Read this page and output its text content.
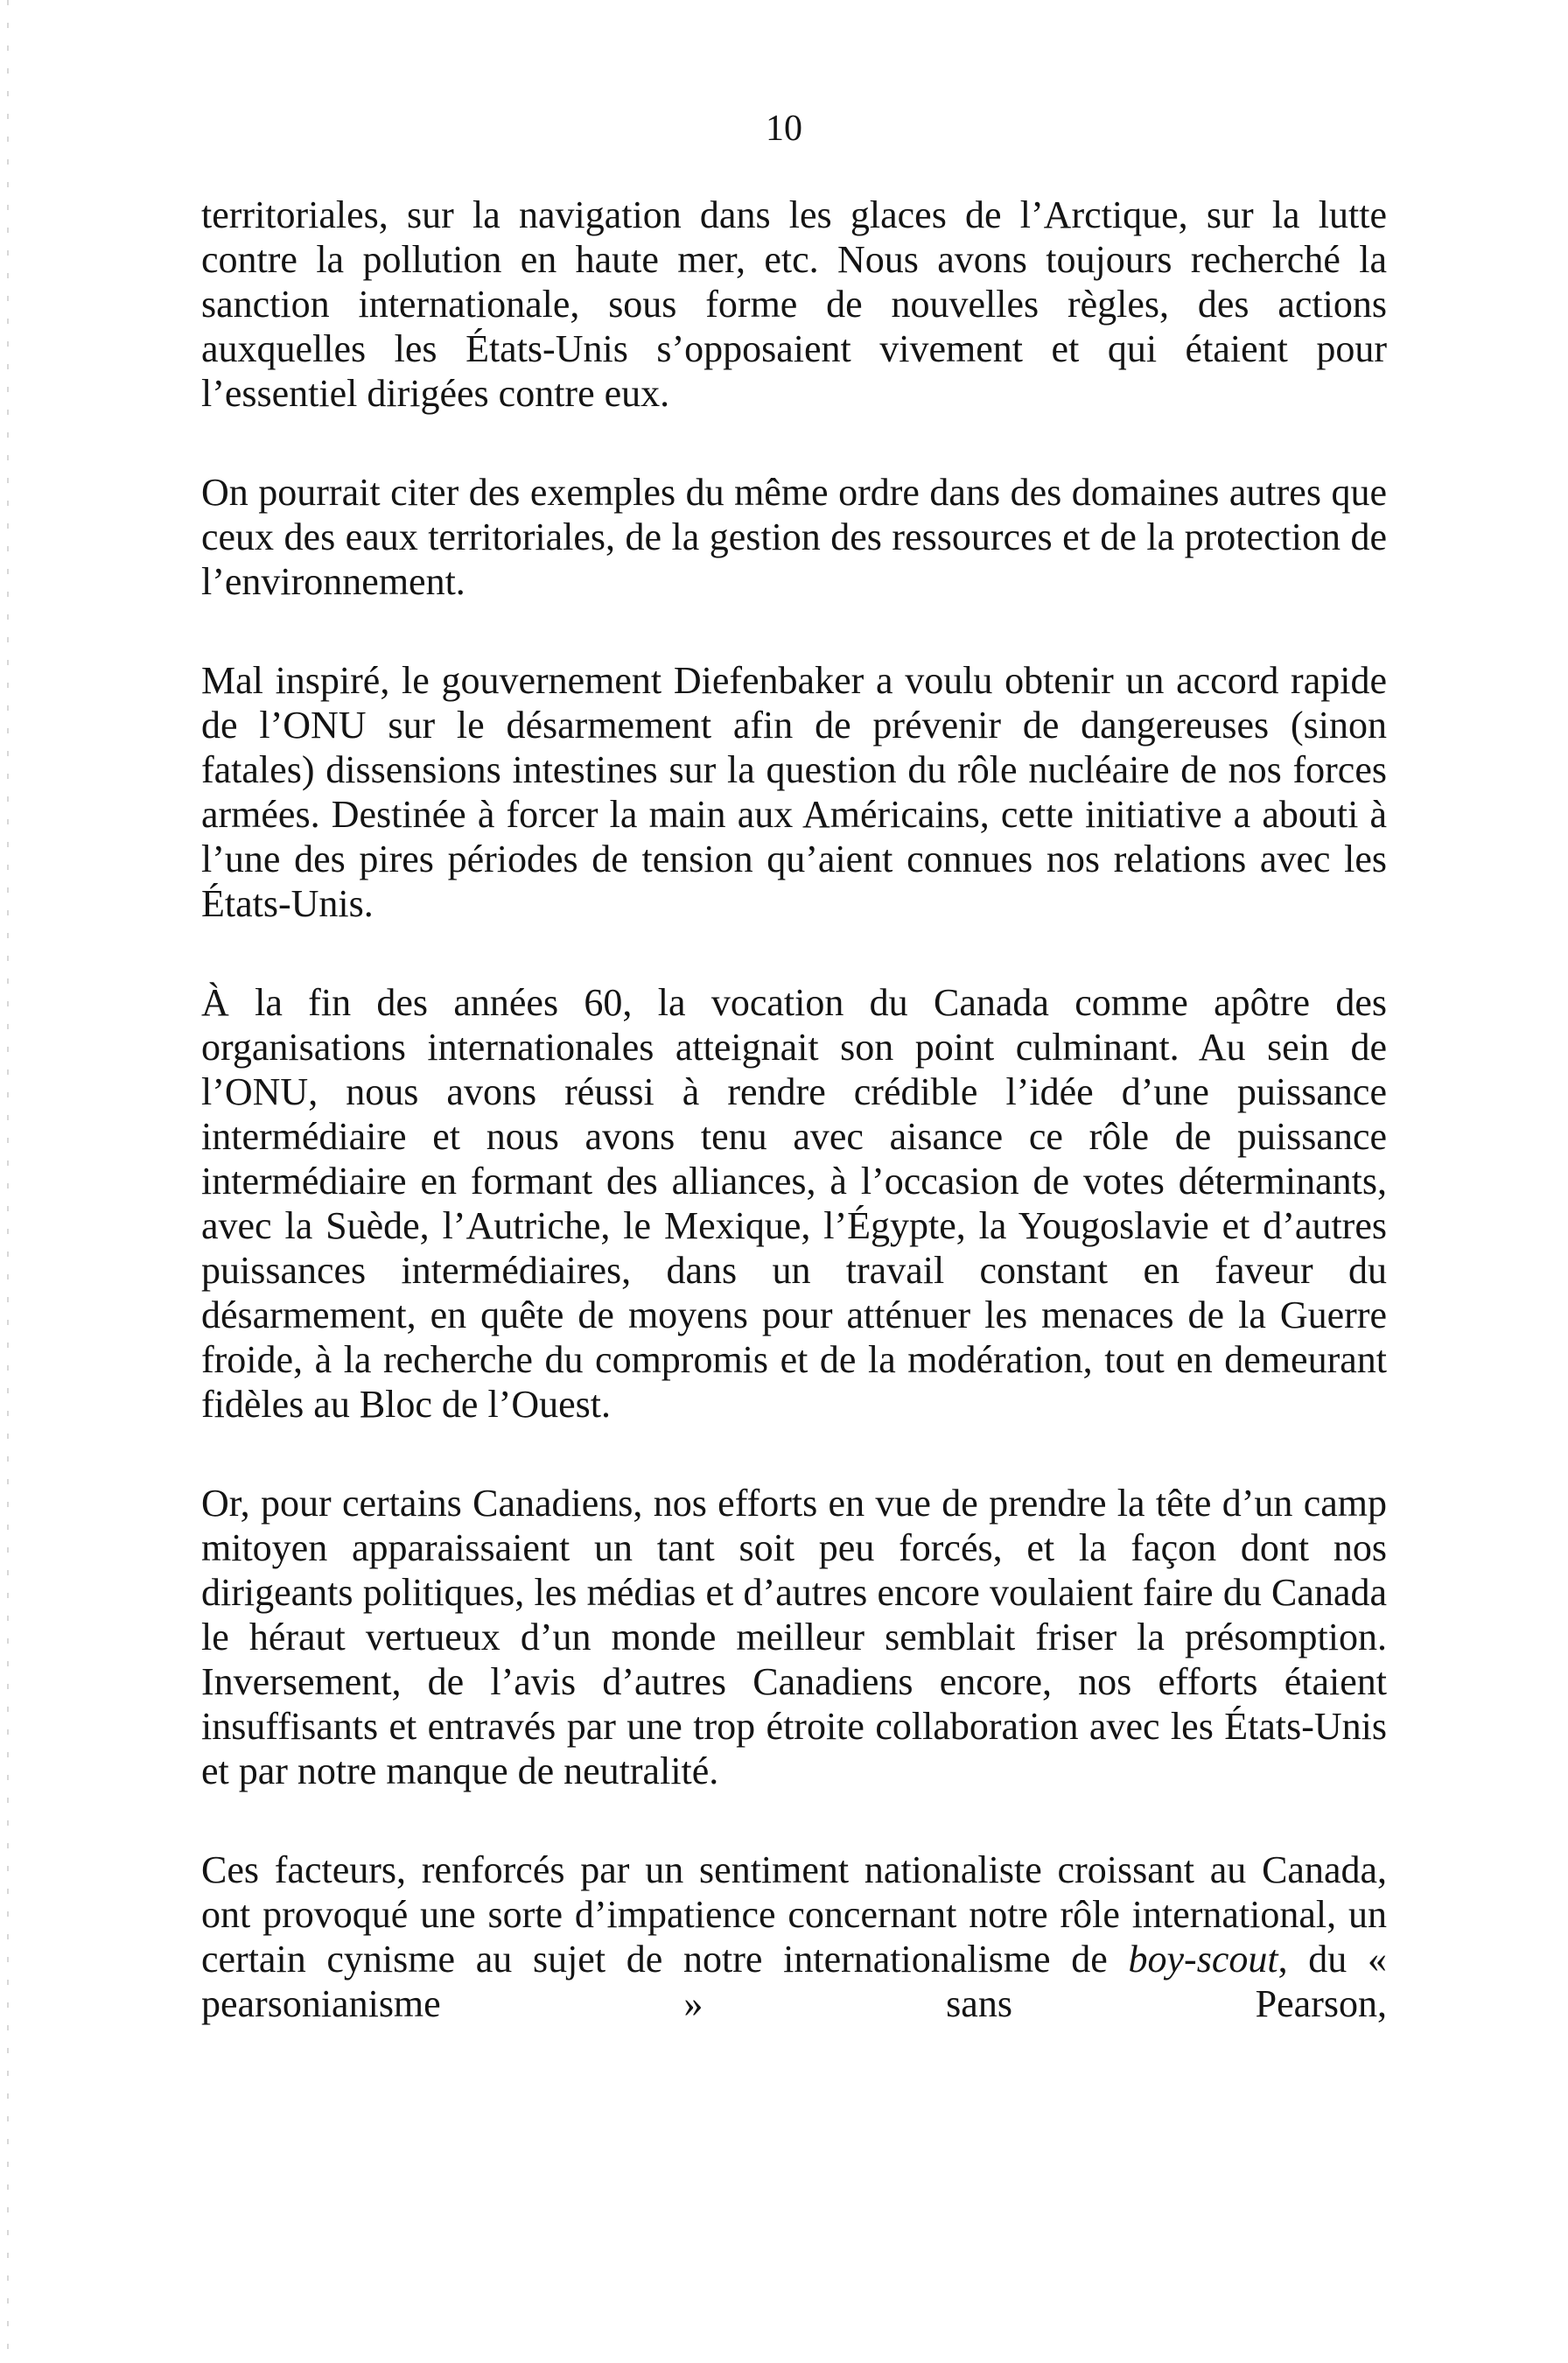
10

territoriales, sur la navigation dans les glaces de l’Arctique, sur la lutte contre la pollution en haute mer, etc. Nous avons toujours recherché la sanction internationale, sous forme de nouvelles règles, des actions auxquelles les États-Unis s’opposaient vivement et qui étaient pour l’essentiel dirigées contre eux.

On pourrait citer des exemples du même ordre dans des domaines autres que ceux des eaux territoriales, de la gestion des ressources et de la protection de l’environnement.

Mal inspiré, le gouvernement Diefenbaker a voulu obtenir un accord rapide de l’ONU sur le désarmement afin de prévenir de dangereuses (sinon fatales) dissensions intestines sur la question du rôle nucléaire de nos forces armées. Destinée à forcer la main aux Américains, cette initiative a abouti à l’une des pires périodes de tension qu’aient connues nos relations avec les États-Unis.

À la fin des années 60, la vocation du Canada comme apôtre des organisations internationales atteignait son point culminant. Au sein de l’ONU, nous avons réussi à rendre crédible l’idée d’une puissance intermédiaire et nous avons tenu avec aisance ce rôle de puissance intermédiaire en formant des alliances, à l’occasion de votes déterminants, avec la Suède, l’Autriche, le Mexique, l’Égypte, la Yougoslavie et d’autres puissances intermédiaires, dans un travail constant en faveur du désarmement, en quête de moyens pour atténuer les menaces de la Guerre froide, à la recherche du compromis et de la modération, tout en demeurant fidèles au Bloc de l’Ouest.

Or, pour certains Canadiens, nos efforts en vue de prendre la tête d’un camp mitoyen apparaissaient un tant soit peu forcés, et la façon dont nos dirigeants politiques, les médias et d’autres encore voulaient faire du Canada le héraut vertueux d’un monde meilleur semblait friser la présomption. Inversement, de l’avis d’autres Canadiens encore, nos efforts étaient insuffisants et entravés par une trop étroite collaboration avec les États-Unis et par notre manque de neutralité.

Ces facteurs, renforcés par un sentiment nationaliste croissant au Canada, ont provoqué une sorte d’impatience concernant notre rôle international, un certain cynisme au sujet de notre internationalisme de boy-scout, du « pearsonianisme » sans Pearson,
